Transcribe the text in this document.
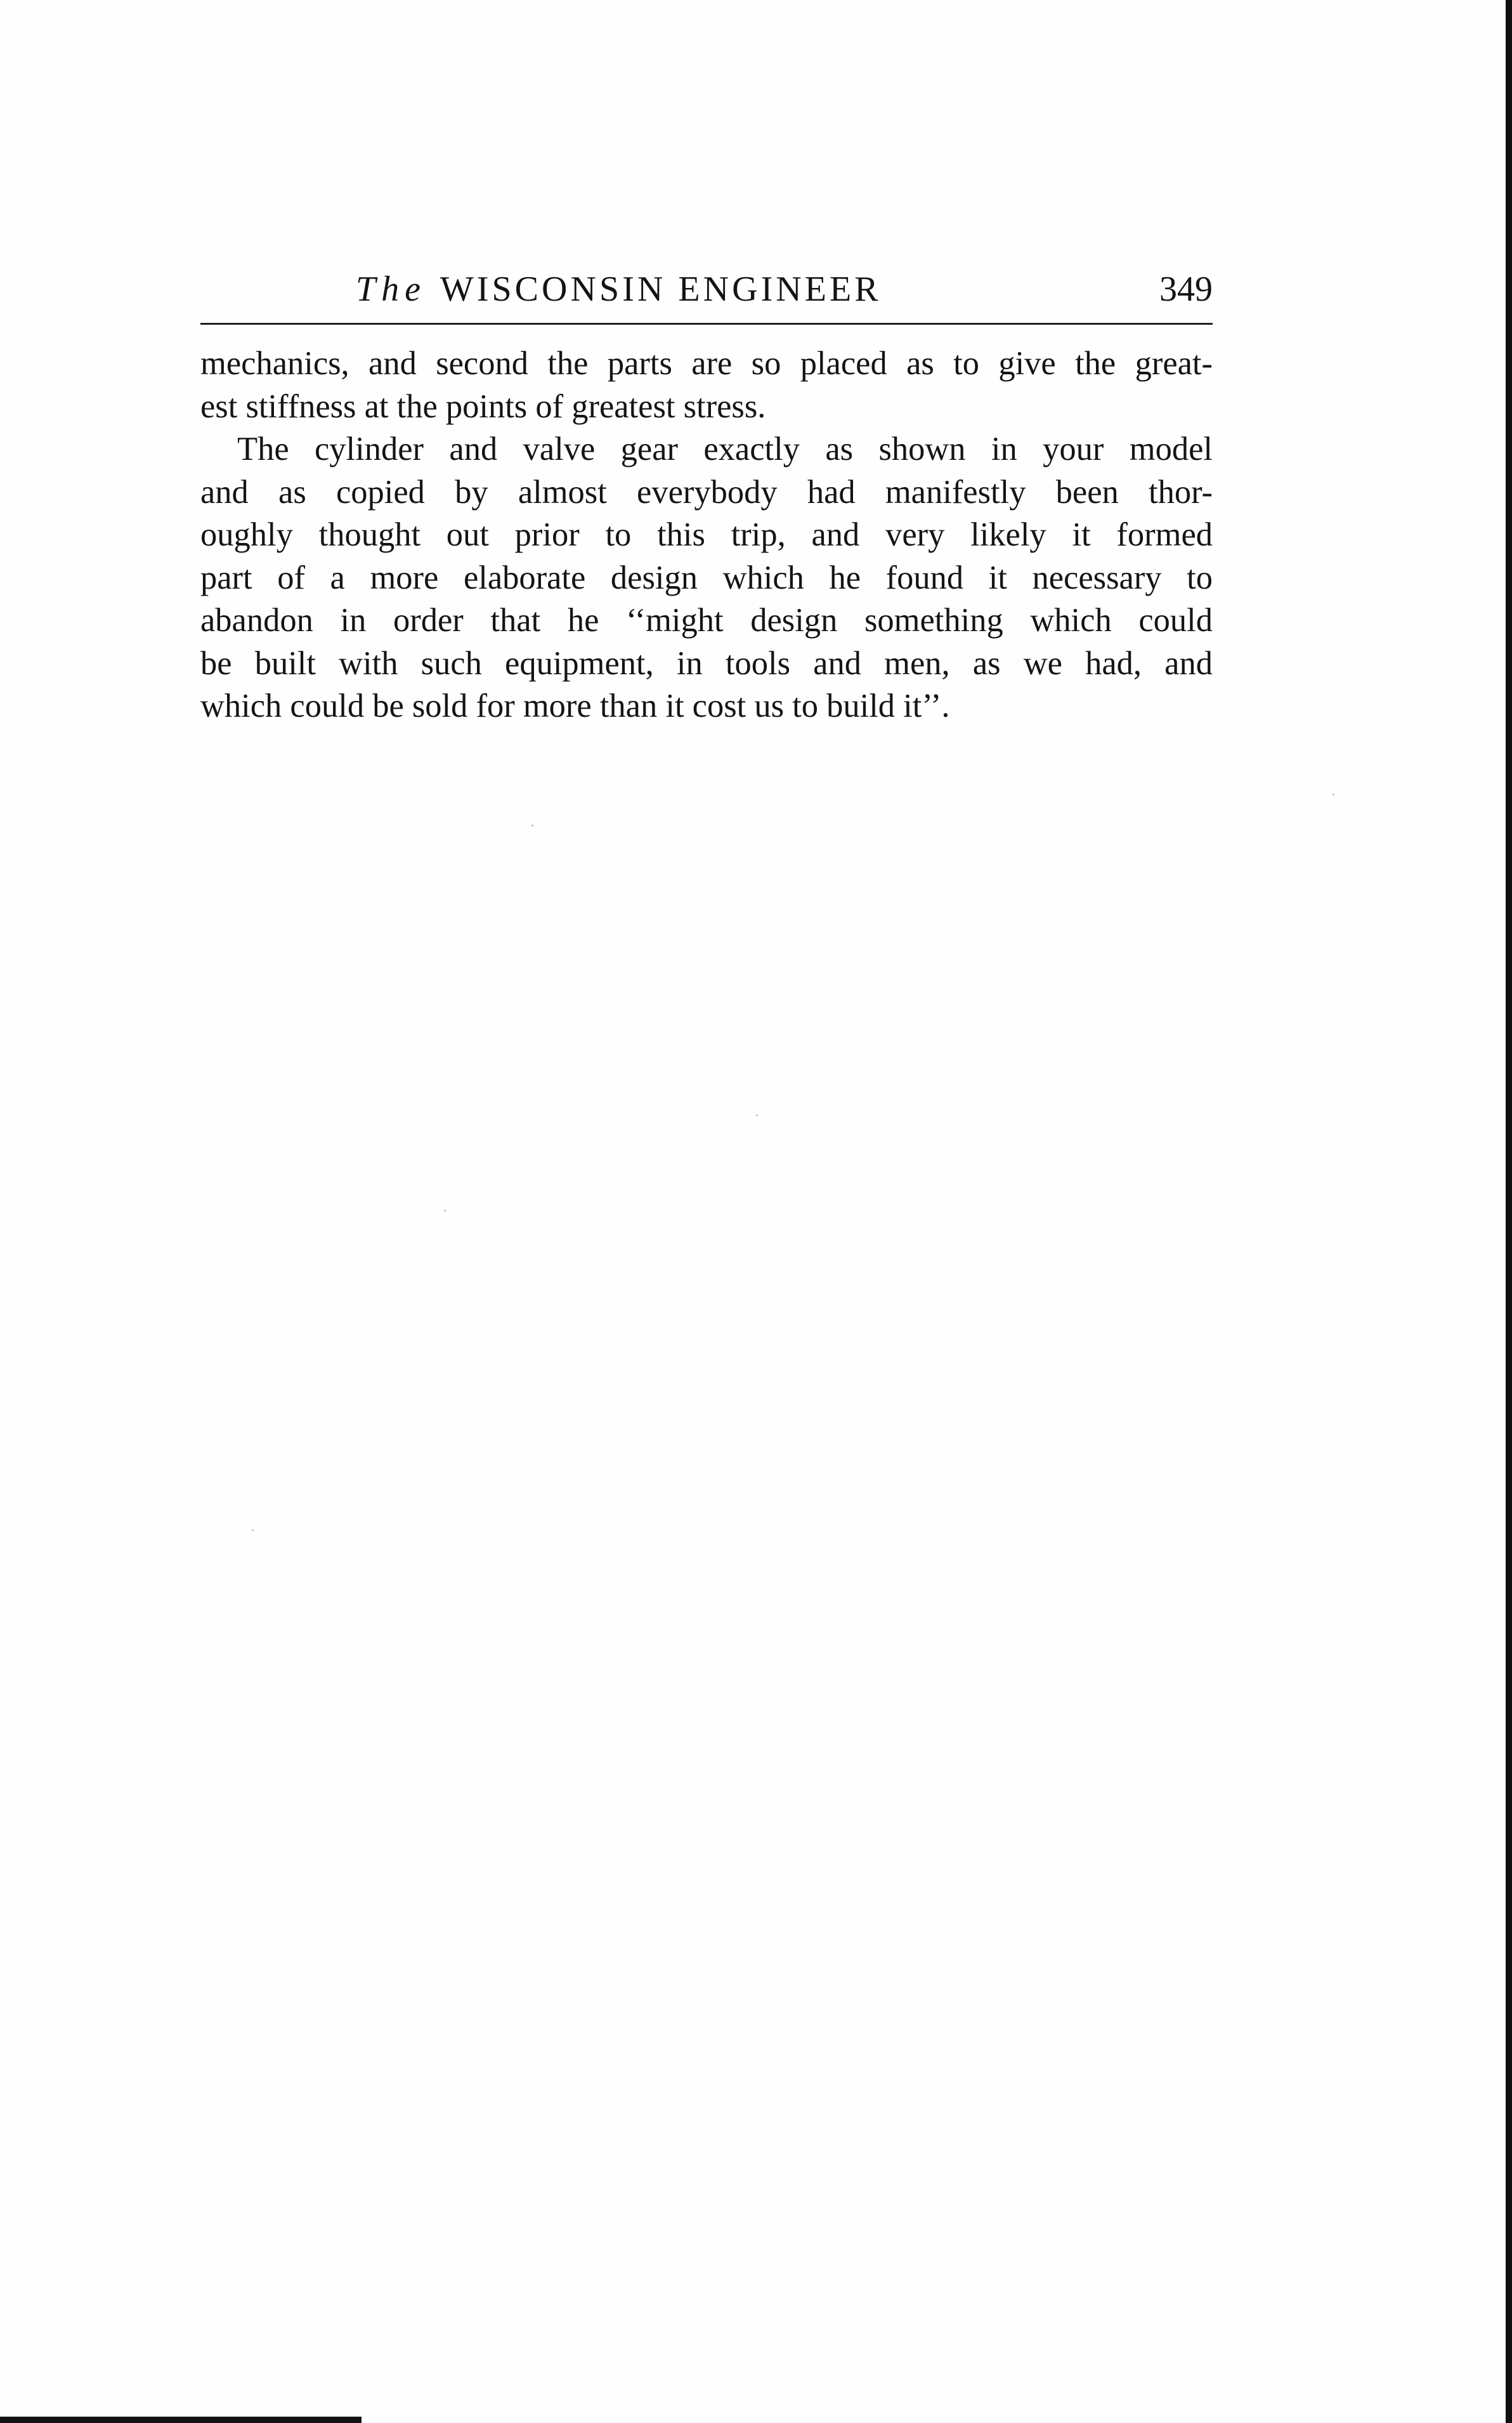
The WISCONSIN ENGINEER	349
mechanics, and second the parts are so placed as to give the great-
est stiffness at the points of greatest stress.
The cylinder and valve gear exactly as shown in your model
and as copied by almost everybody had manifestly been thor-
oughly thought out prior to this trip, and very likely it formed
part of a more elaborate design which he found it necessary to
abandon in order that he ‘‘might design something which could
be built with such equipment, in tools and men, as we had, and
which could be sold for more than it cost us to build it’’.
